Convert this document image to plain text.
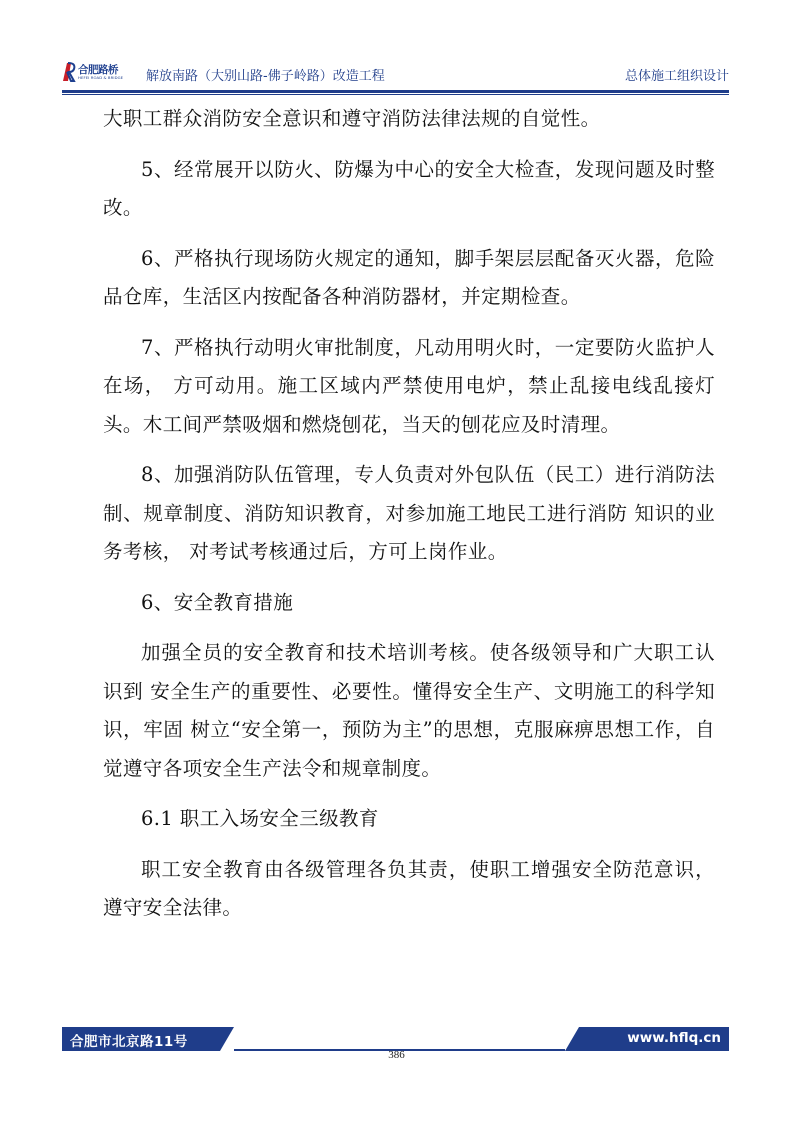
合肥路桥
HEFEI ROAD & BRIDGE 解放南路（大别山路-佛子岭路）改造工程	总体施工组织设计

大职工群众消防安全意识和遵守消防法律法规的自觉性。

5、经常展开以防火、防爆为中心的安全大检查，发现问题及时整改。

6、严格执行现场防火规定的通知，脚手架层层配备灭火器，危险品仓库，生活区内按配备各种消防器材，并定期检查。

7、严格执行动明火审批制度，凡动用明火时，一定要防火监护人在场， 方可动用。施工区域内严禁使用电炉，禁止乱接电线乱接灯头。木工间严禁吸烟和燃烧刨花，当天的刨花应及时清理。

8、加强消防队伍管理，专人负责对外包队伍（民工）进行消防法制、规章制度、消防知识教育，对参加施工地民工进行消防 知识的业务考核， 对考试考核通过后，方可上岗作业。

6、安全教育措施

加强全员的安全教育和技术培训考核。使各级领导和广大职工认识到 安全生产的重要性、必要性。懂得安全生产、文明施工的科学知识，牢固 树立“安全第一，预防为主”的思想，克服麻痹思想工作，自觉遵守各项安全生产法令和规章制度。

6.1 职工入场安全三级教育

职工安全教育由各级管理各负其责，使职工增强安全防范意识，遵守安全法律。

合肥市北京路11号	www.hflq.cn
386
